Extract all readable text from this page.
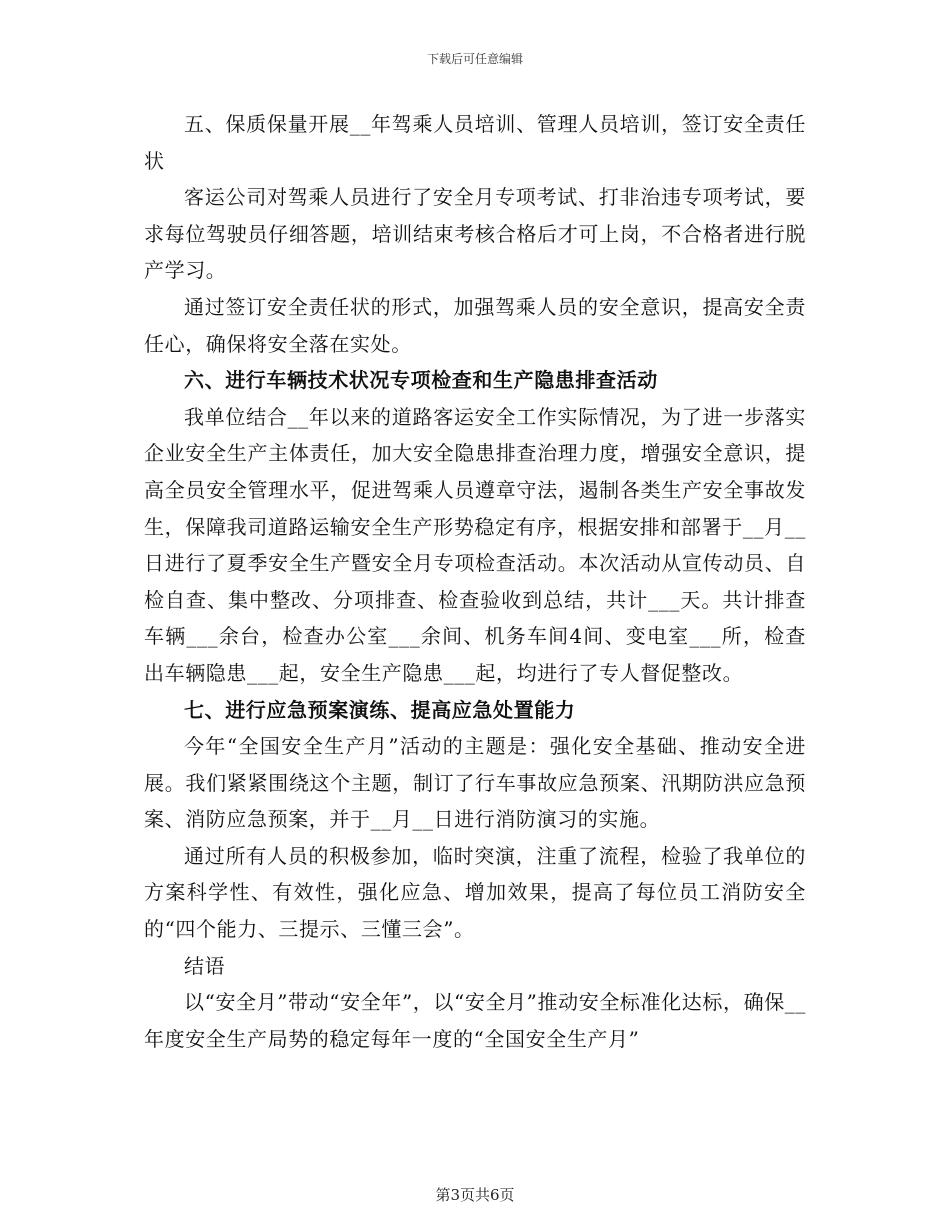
下载后可任意编辑

五、保质保量开展__年驾乘人员培训、管理人员培训，签订安全责任状

客运公司对驾乘人员进行了安全月专项考试、打非治违专项考试，要求每位驾驶员仔细答题，培训结束考核合格后才可上岗，不合格者进行脱产学习。

通过签订安全责任状的形式，加强驾乘人员的安全意识，提高安全责任心，确保将安全落在实处。

六、进行车辆技术状况专项检查和生产隐患排查活动

我单位结合__年以来的道路客运安全工作实际情况，为了进一步落实企业安全生产主体责任，加大安全隐患排查治理力度，增强安全意识，提高全员安全管理水平，促进驾乘人员遵章守法，遏制各类生产安全事故发生，保障我司道路运输安全生产形势稳定有序，根据安排和部署于__月__日进行了夏季安全生产暨安全月专项检查活动。本次活动从宣传动员、自检自查、集中整改、分项排查、检查验收到总结，共计___天。共计排查车辆___余台，检查办公室___余间、机务车间4间、变电室___所，检查出车辆隐患___起，安全生产隐患___起，均进行了专人督促整改。

七、进行应急预案演练、提高应急处置能力

今年“全国安全生产月”活动的主题是：强化安全基础、推动安全进展。我们紧紧围绕这个主题，制订了行车事故应急预案、汛期防洪应急预案、消防应急预案，并于__月__日进行消防演习的实施。

通过所有人员的积极参加，临时突演，注重了流程，检验了我单位的方案科学性、有效性，强化应急、增加效果，提高了每位员工消防安全的“四个能力、三提示、三懂三会”。

结语

以“安全月”带动“安全年”，以“安全月”推动安全标准化达标，确保__年度安全生产局势的稳定每年一度的“全国安全生产月”

第3页共6页
